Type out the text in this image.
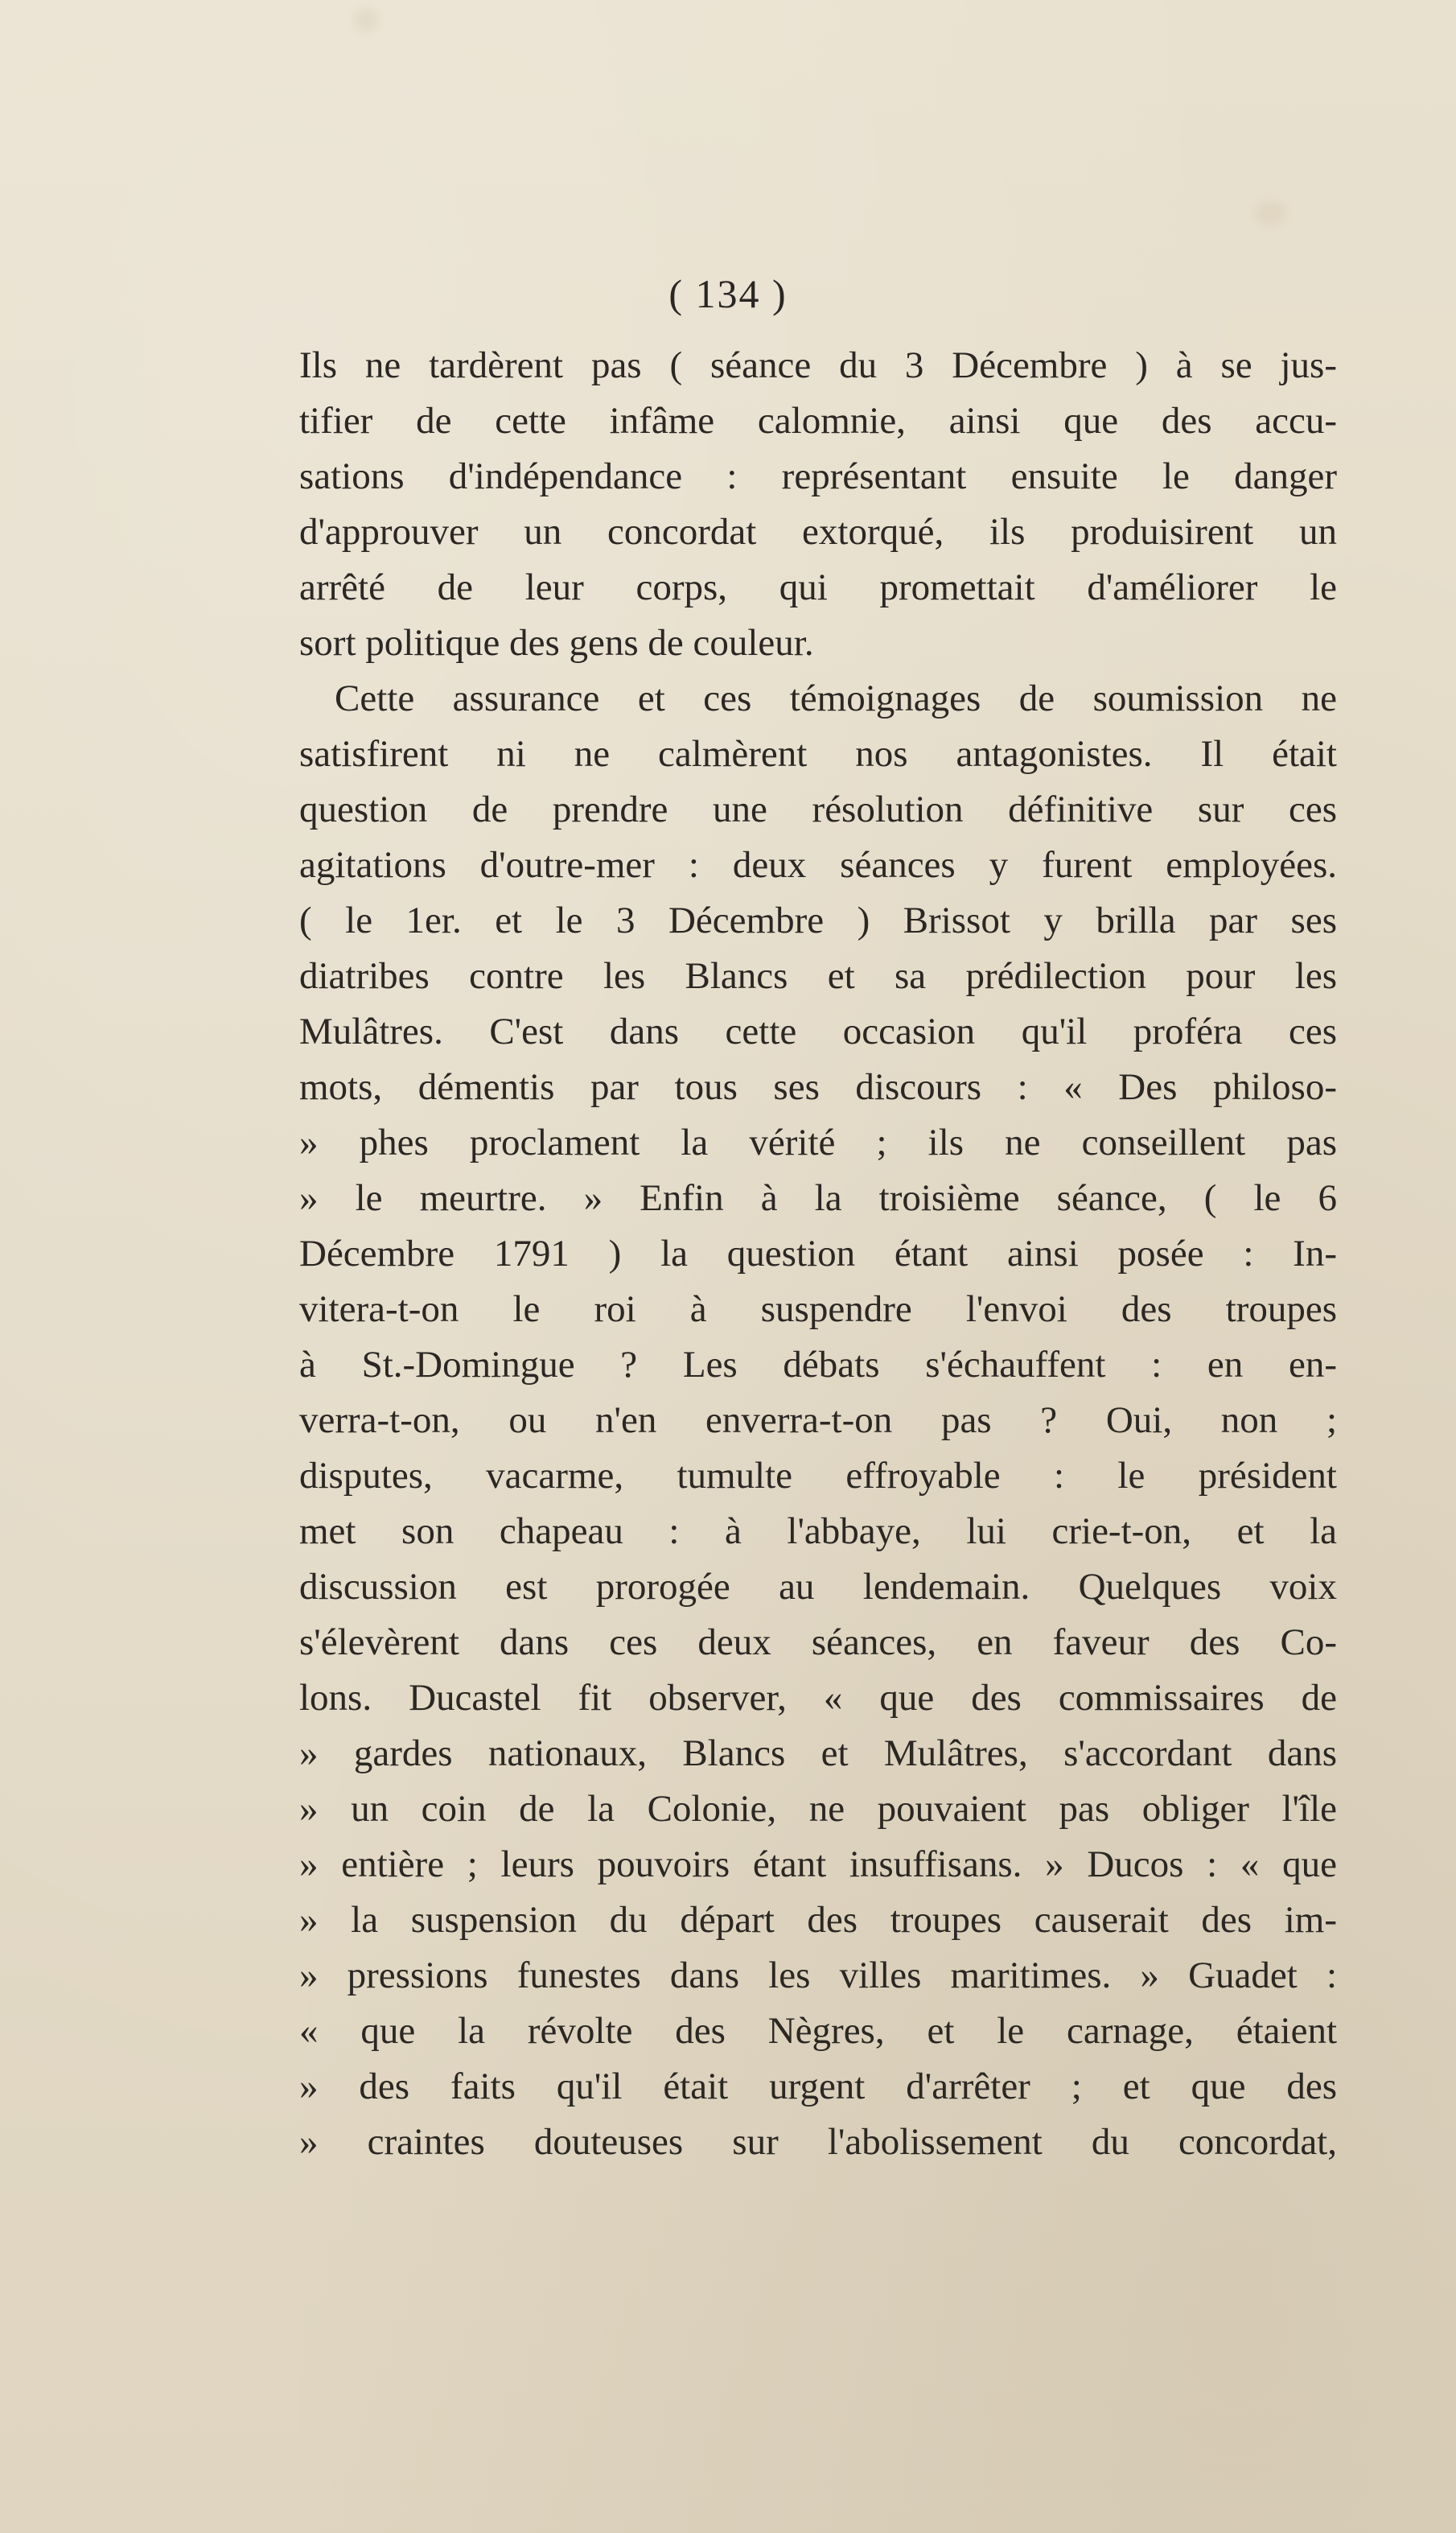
( 134 )
Ils ne tardèrent pas ( séance du 3 Décembre ) à se jus-
tifier de cette infâme calomnie, ainsi que des accu-
sations d'indépendance : représentant ensuite le danger
d'approuver un concordat extorqué, ils produisirent un
arrêté de leur corps, qui promettait d'améliorer le
sort politique des gens de couleur.
Cette assurance et ces témoignages de soumission ne
satisfirent ni ne calmèrent nos antagonistes. Il était
question de prendre une résolution définitive sur ces
agitations d'outre-mer : deux séances y furent employées.
( le 1er. et le 3 Décembre ) Brissot y brilla par ses
diatribes contre les Blancs et sa prédilection pour les
Mulâtres. C'est dans cette occasion qu'il proféra ces
mots, démentis par tous ses discours : « Des philoso-
» phes proclament la vérité ; ils ne conseillent pas
» le meurtre. » Enfin à la troisième séance, ( le 6
Décembre 1791 ) la question étant ainsi posée : In-
vitera-t-on le roi à suspendre l'envoi des troupes
à St.-Domingue ? Les débats s'échauffent : en en-
verra-t-on, ou n'en enverra-t-on pas ? Oui, non ;
disputes, vacarme, tumulte effroyable : le président
met son chapeau : à l'abbaye, lui crie-t-on, et la
discussion est prorogée au lendemain. Quelques voix
s'élevèrent dans ces deux séances, en faveur des Co-
lons. Ducastel fit observer, « que des commissaires de
» gardes nationaux, Blancs et Mulâtres, s'accordant dans
» un coin de la Colonie, ne pouvaient pas obliger l'île
» entière ; leurs pouvoirs étant insuffisans. » Ducos : « que
» la suspension du départ des troupes causerait des im-
» pressions funestes dans les villes maritimes. » Guadet :
« que la révolte des Nègres, et le carnage, étaient
» des faits qu'il était urgent d'arrêter ; et que des
» craintes douteuses sur l'abolissement du concordat,
